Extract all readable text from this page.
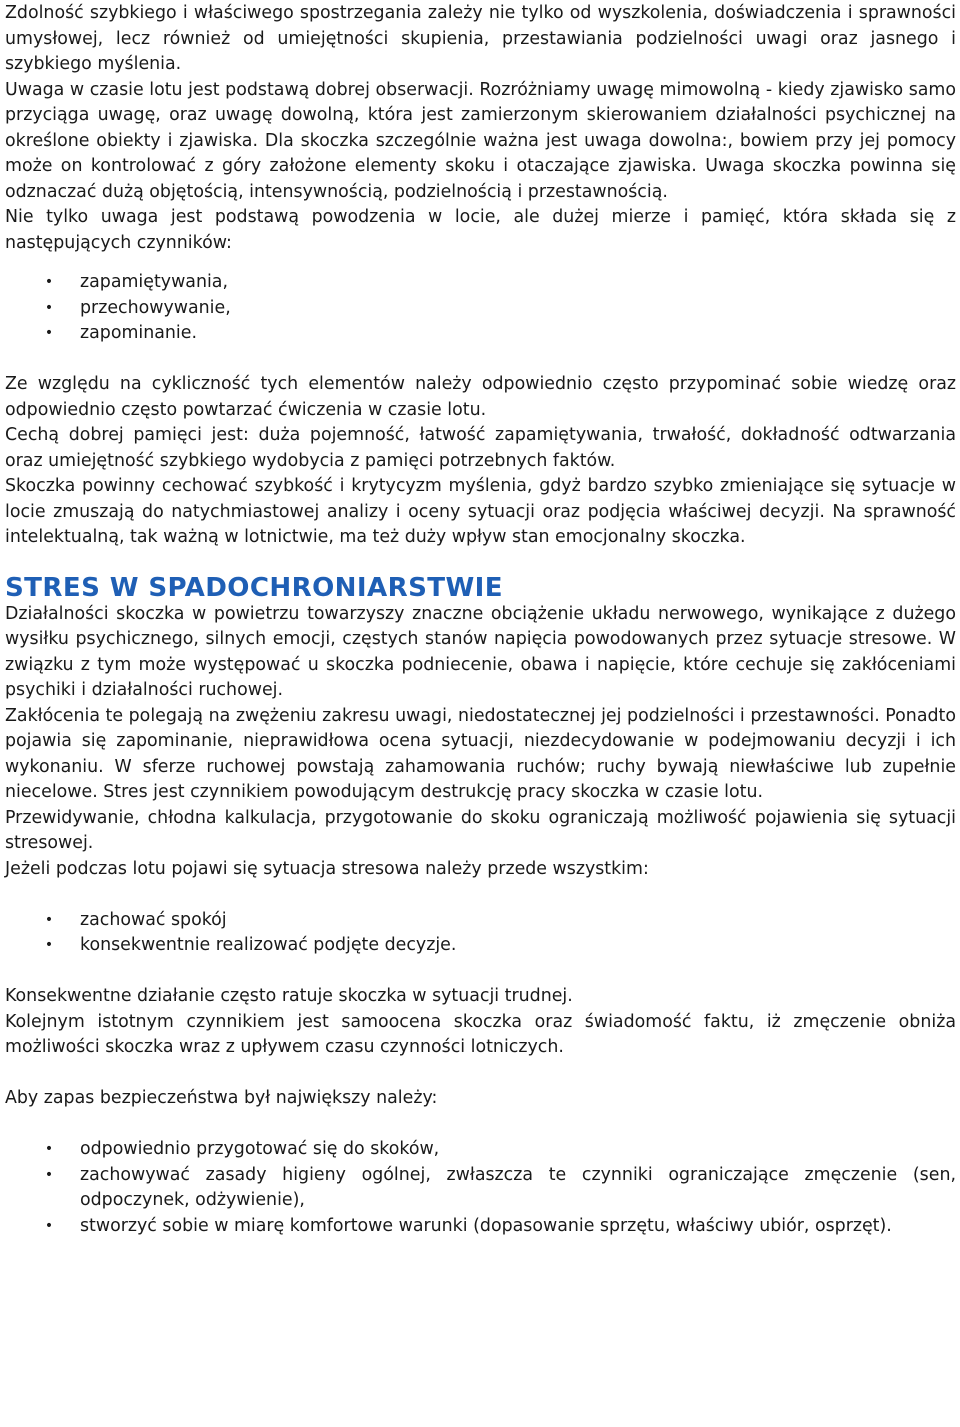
Zdolność szybkiego i właściwego spostrzegania zależy nie tylko od wyszkolenia, doświadczenia i sprawności umysłowej, lecz również od umiejętności skupienia, przestawiania podzielności uwagi oraz jasnego i szybkiego myślenia.

Uwaga w czasie lotu jest podstawą dobrej obserwacji. Rozróżniamy uwagę mimowolną - kiedy zjawisko samo przyciąga uwagę, oraz uwagę dowolną, która jest zamierzonym skierowaniem działalności psychicznej na określone obiekty i zjawiska. Dla skoczka szczególnie ważna jest uwaga dowolna:, bowiem przy jej pomocy może on kontrolować z góry założone elementy skoku i otaczające zjawiska. Uwaga skoczka powinna się odznaczać dużą objętością, intensywnością, podzielnością i przestawnością.

Nie tylko uwaga jest podstawą powodzenia w locie, ale dużej mierze i pamięć, która składa się z następujących czynników:

• zapamiętywania,
• przechowywanie,
• zapominanie.

Ze względu na cykliczność tych elementów należy odpowiednio często przypominać sobie wiedzę oraz odpowiednio często powtarzać ćwiczenia w czasie lotu.

Cechą dobrej pamięci jest: duża pojemność, łatwość zapamiętywania, trwałość, dokładność odtwarzania oraz umiejętność szybkiego wydobycia z pamięci potrzebnych faktów.

Skoczka powinny cechować szybkość i krytycyzm myślenia, gdyż bardzo szybko zmieniające się sytuacje w locie zmuszają do natychmiastowej analizy i oceny sytuacji oraz podjęcia właściwej decyzji. Na sprawność intelektualną, tak ważną w lotnictwie, ma też duży wpływ stan emocjonalny skoczka.

STRES W SPADOCHRONIARSTWIE

Działalności skoczka w powietrzu towarzyszy znaczne obciążenie układu nerwowego, wynikające z dużego wysiłku psychicznego, silnych emocji, częstych stanów napięcia powodowanych przez sytuacje stresowe. W związku z tym może występować u skoczka podniecenie, obawa i napięcie, które cechuje się zakłóceniami psychiki i działalności ruchowej.

Zakłócenia te polegają na zwężeniu zakresu uwagi, niedostatecznej jej podzielności i przestawności. Ponadto pojawia się zapominanie, nieprawidłowa ocena sytuacji, niezdecydowanie w podejmowaniu decyzji i ich wykonaniu. W sferze ruchowej powstają zahamowania ruchów; ruchy bywają niewłaściwe lub zupełnie niecelowe. Stres jest czynnikiem powodującym destrukcję pracy skoczka w czasie lotu.

Przewidywanie, chłodna kalkulacja, przygotowanie do skoku ograniczają możliwość pojawienia się sytuacji stresowej.

Jeżeli podczas lotu pojawi się sytuacja stresowa należy przede wszystkim:

• zachować spokój
• konsekwentnie realizować podjęte decyzje.

Konsekwentne działanie często ratuje skoczka w sytuacji trudnej.

Kolejnym istotnym czynnikiem jest samoocena skoczka oraz świadomość faktu, iż zmęczenie obniża możliwości skoczka wraz z upływem czasu czynności lotniczych.

Aby zapas bezpieczeństwa był największy należy:

• odpowiednio przygotować się do skoków,
• zachowywać zasady higieny ogólnej, zwłaszcza te czynniki ograniczające zmęczenie (sen, odpoczynek, odżywienie),
• stworzyć sobie w miarę komfortowe warunki (dopasowanie sprzętu, właściwy ubiór, osprzęt).
